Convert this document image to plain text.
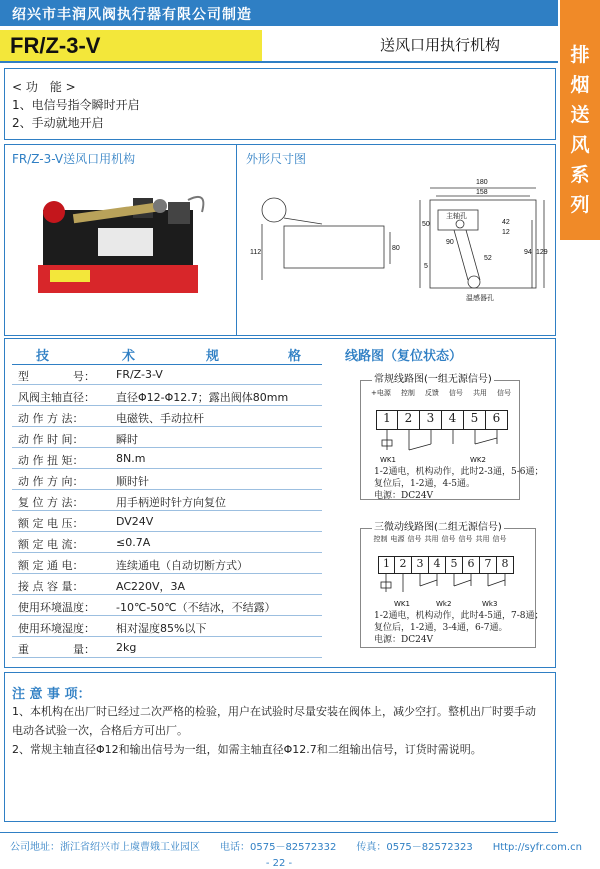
绍兴市丰润风阀执行器有限公司制造
排
烟
送
风
系
列
FR/Z-3-V	送风口用执行机构
< 功　能 >
1、电信号指令瞬时开启
2、手动就地开启
FR/Z-3-V送风口用机构	外形尺寸图
180
158
112
80
50	42
12
90
52
94 129
5
主轴孔
温感器孔
技	术	规	格
型　　　　号：	FR/Z-3-V
风阀主轴直径：	直径Φ12-Φ12.7；露出阀体80mm
动 作 方 法：	电磁铁、手动拉杆
动 作 时 间：	瞬时
动 作 扭 矩：	8N.m
动 作 方 向：	顺时针
复 位 方 法：	用手柄逆时针方向复位
额 定 电 压：	DV24V
额 定 电 流：	≤0.7A
额 定 通 电：	连续通电（自动切断方式）
接 点 容 量：	AC220V，3A
使用环境温度：	-10℃-50℃（不结冰，不结露）
使用环境湿度：	相对湿度85%以下
重　　　　量：	2kg
线路图（复位状态）
常规线路图(一组无源信号)
+电源 控制 反馈 信号 共用 信号
1	2	3	4	5	6
WK1	WK2
1-2通电，机构动作，此时2-3通，5-6通；
复位后，1-2通，4-5通。
电源：DC24V
三微动线路图(二组无源信号)
控制 电源 信号 共用 信号 信号 共用 信号
1 2 3 4 5 6 7 8
WK1	Wk2	Wk3
1-2通电，机构动作，此时4-5通，7-8通；
复位后，1-2通，3-4通，6-7通。
电源：DC24V
注 意 事 项：
1、本机构在出厂时已经过二次严格的检验，用户在试验时尽量安装在阀体上，减少空打。整机出厂时要手动
电动各试验一次，合格后方可出厂。
2、常规主轴直径Φ12和输出信号为一组，如需主轴直径Φ12.7和二组输出信号，订货时需说明。
公司地址：浙江省绍兴市上虞曹娥工业园区　　电话：0575－82572332　　传真：0575－82572323　　Http://syfr.com.cn
- 22 -
